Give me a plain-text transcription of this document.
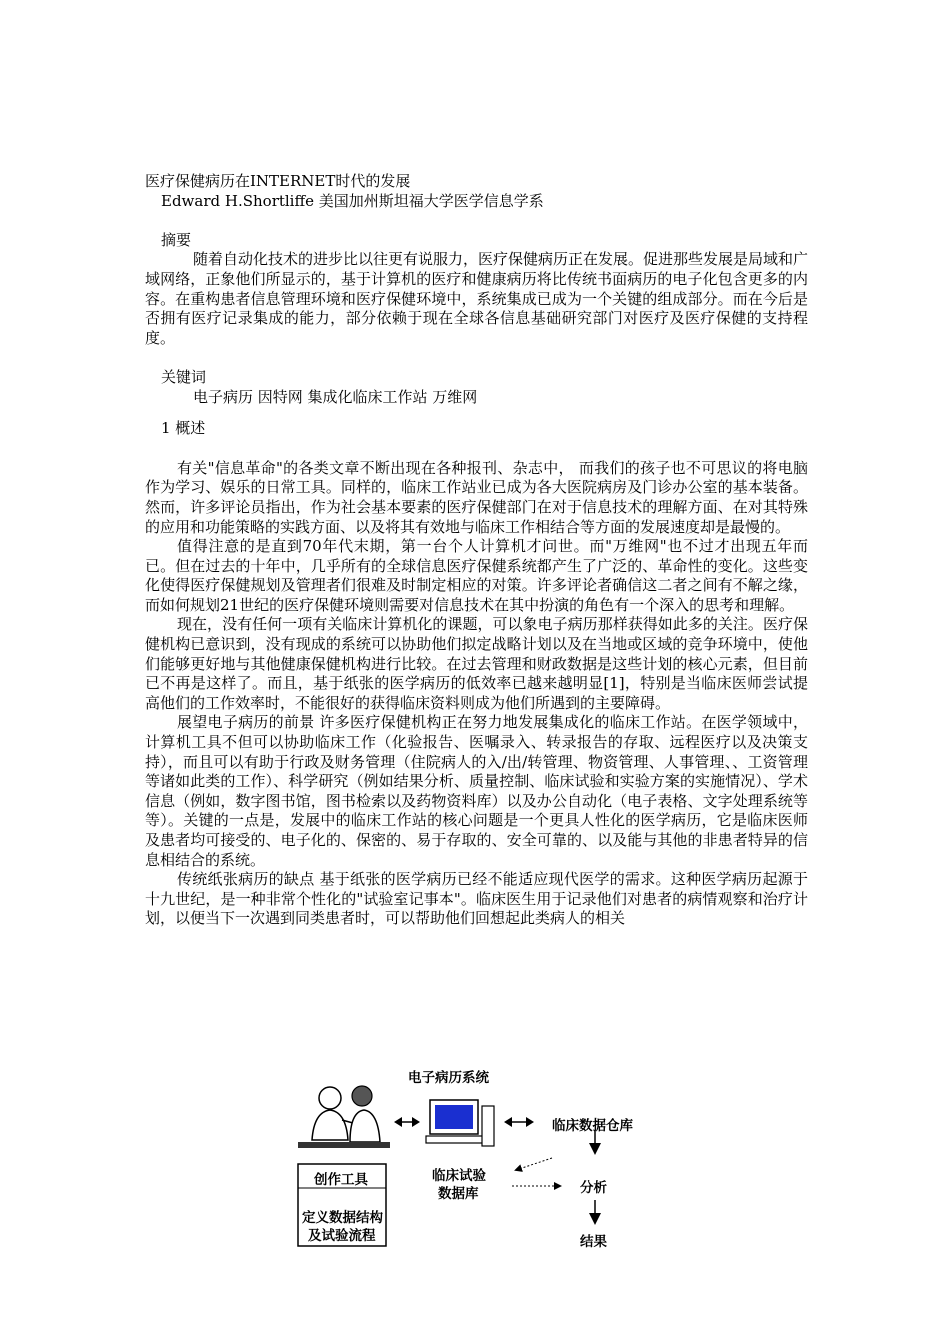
医疗保健病历在INTERNET时代的发展
Edward H.Shortliffe 美国加州斯坦福大学医学信息学系
摘要
随着自动化技术的进步比以往更有说服力，医疗保健病历正在发展。促进那些发展是局域和广域网络，正象他们所显示的，基于计算机的医疗和健康病历将比传统书面病历的电子化包含更多的内容。在重构患者信息管理环境和医疗保健环境中，系统集成已成为一个关键的组成部分。而在今后是否拥有医疗记录集成的能力，部分依赖于现在全球各信息基础研究部门对医疗及医疗保健的支持程度。
关键词
电子病历 因特网 集成化临床工作站 万维网
1 概述
有关"信息革命"的各类文章不断出现在各种报刊、杂志中， 而我们的孩子也不可思议的将电脑作为学习、娱乐的日常工具。同样的，临床工作站业已成为各大医院病房及门诊办公室的基本装备。然而，许多评论员指出，作为社会基本要素的医疗保健部门在对于信息技术的理解方面、在对其特殊的应用和功能策略的实践方面、以及将其有效地与临床工作相结合等方面的发展速度却是最慢的。
值得注意的是直到70年代末期，第一台个人计算机才问世。而"万维网"也不过才出现五年而已。但在过去的十年中，几乎所有的全球信息医疗保健系统都产生了广泛的、革命性的变化。这些变化使得医疗保健规划及管理者们很难及时制定相应的对策。许多评论者确信这二者之间有不解之缘，而如何规划21世纪的医疗保健环境则需要对信息技术在其中扮演的角色有一个深入的思考和理解。
现在，没有任何一项有关临床计算机化的课题，可以象电子病历那样获得如此多的关注。医疗保健机构已意识到，没有现成的系统可以协助他们拟定战略计划以及在当地或区域的竞争环境中，使他们能够更好地与其他健康保健机构进行比较。在过去管理和财政数据是这些计划的核心元素，但目前已不再是这样了。而且，基于纸张的医学病历的低效率已越来越明显[1]，特别是当临床医师尝试提高他们的工作效率时，不能很好的获得临床资料则成为他们所遇到的主要障碍。
展望电子病历的前景 许多医疗保健机构正在努力地发展集成化的临床工作站。在医学领域中，计算机工具不但可以协助临床工作（化验报告、医嘱录入、转录报告的存取、远程医疗以及决策支持），而且可以有助于行政及财务管理（住院病人的入/出/转管理、物资管理、人事管理、、工资管理等诸如此类的工作）、科学研究（例如结果分析、质量控制、临床试验和实验方案的实施情况）、学术信息（例如，数字图书馆，图书检索以及药物资料库）以及办公自动化（电子表格、文字处理系统等等）。关键的一点是，发展中的临床工作站的核心问题是一个更具人性化的医学病历，它是临床医师及患者均可接受的、电子化的、保密的、易于存取的、安全可靠的、以及能与其他的非患者特异的信息相结合的系统。
传统纸张病历的缺点 基于纸张的医学病历已经不能适应现代医学的需求。这种医学病历起源于十九世纪，是一种非常个性化的"试验室记事本"。临床医生用于记录他们对患者的病情观察和治疗计划，以便当下一次遇到同类患者时，可以帮助他们回想起此类病人的相关
电子病历系统
临床数据仓库
创作工具
定义数据结构
及试验流程
临床试验
数据库	分析
结果
